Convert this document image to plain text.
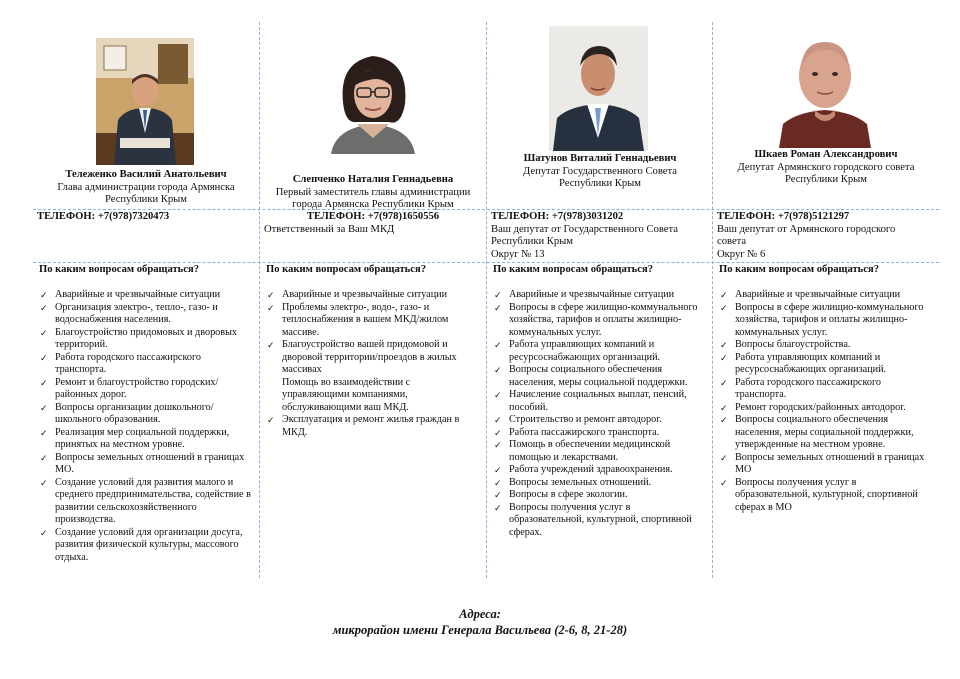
Тележенко Василий Анатольевич
Глава администрации города Армянска
Республики Крым
ТЕЛЕФОН: +7(978)7320473
По каким вопросам обращаться?
✓ Аварийные и чрезвычайные ситуации
✓ Организация электро-, тепло-, газо- и водоснабжения населения.
✓ Благоустройство придомовых и дворовых территорий.
✓ Работа городского пассажирского транспорта.
✓ Ремонт и благоустройство городских/районных дорог.
✓ Вопросы организации дошкольного/школьного образования.
✓ Реализация мер социальной поддержки, принятых на местном уровне.
✓ Вопросы земельных отношений в границах МО.
✓ Создание условий для развития малого и среднего предпринимательства, содействие в развитии сельскохозяйственного производства.
✓ Создание условий для организации досуга, развития физической культуры, массового отдыха.
Слепченко Наталия Геннадьевна
Первый заместитель главы администрации
города Армянска Республики Крым
ТЕЛЕФОН: +7(978)1650556
Ответственный за Ваш МКД
По каким вопросам обращаться?
✓ Аварийные и чрезвычайные ситуации
✓ Проблемы электро-, водо-, газо- и теплоснабжения в вашем МКД/жилом массиве.
✓ Благоустройство вашей придомовой и дворовой территории/проездов в жилых массивах
Помощь во взаимодействии с управляющими компаниями, обслуживающими ваш МКД.
✓ Эксплуатация и ремонт жилья граждан в МКД.
Шатунов Виталий Геннадьевич
Депутат Государственного Совета
Республики Крым
ТЕЛЕФОН: +7(978)3031202
Ваш депутат от Государственного Совета
Республики Крым
Округ № 13
По каким вопросам обращаться?
✓ Аварийные и чрезвычайные ситуации
✓ Вопросы в сфере жилищно-коммунального хозяйства, тарифов и оплаты жилищно-коммунальных услуг.
✓ Работа управляющих компаний и ресурсоснабжающих организаций.
✓ Вопросы социального обеспечения населения, меры социальной поддержки.
✓ Начисление социальных выплат, пенсий, пособий.
✓ Строительство и ремонт автодорог.
✓ Работа пассажирского транспорта.
✓ Помощь в обеспечении медицинской помощью и лекарствами.
✓ Работа учреждений здравоохранения.
✓ Вопросы земельных отношений.
✓ Вопросы в сфере экологии.
✓ Вопросы получения услуг в образовательной, культурной, спортивной сферах.
Шкаев Роман Александрович
Депутат Армянского городского совета
Республики Крым
ТЕЛЕФОН: +7(978)5121297
Ваш депутат от Армянского городского
совета
Округ № 6
По каким вопросам обращаться?
✓ Аварийные и чрезвычайные ситуации
✓ Вопросы в сфере жилищно-коммунального хозяйства, тарифов и оплаты жилищно-коммунальных услуг.
✓ Вопросы благоустройства.
✓ Работа управляющих компаний и ресурсоснабжающих организаций.
✓ Работа городского пассажирского транспорта.
✓ Ремонт городских/районных автодорог.
✓ Вопросы социального обеспечения населения, меры социальной поддержки, утвержденные на местном уровне.
✓ Вопросы земельных отношений в границах МО
✓ Вопросы получения услуг в образовательной, культурной, спортивной сферах в МО
Адреса:
микрорайон имени Генерала Васильева (2-6, 8, 21-28)
